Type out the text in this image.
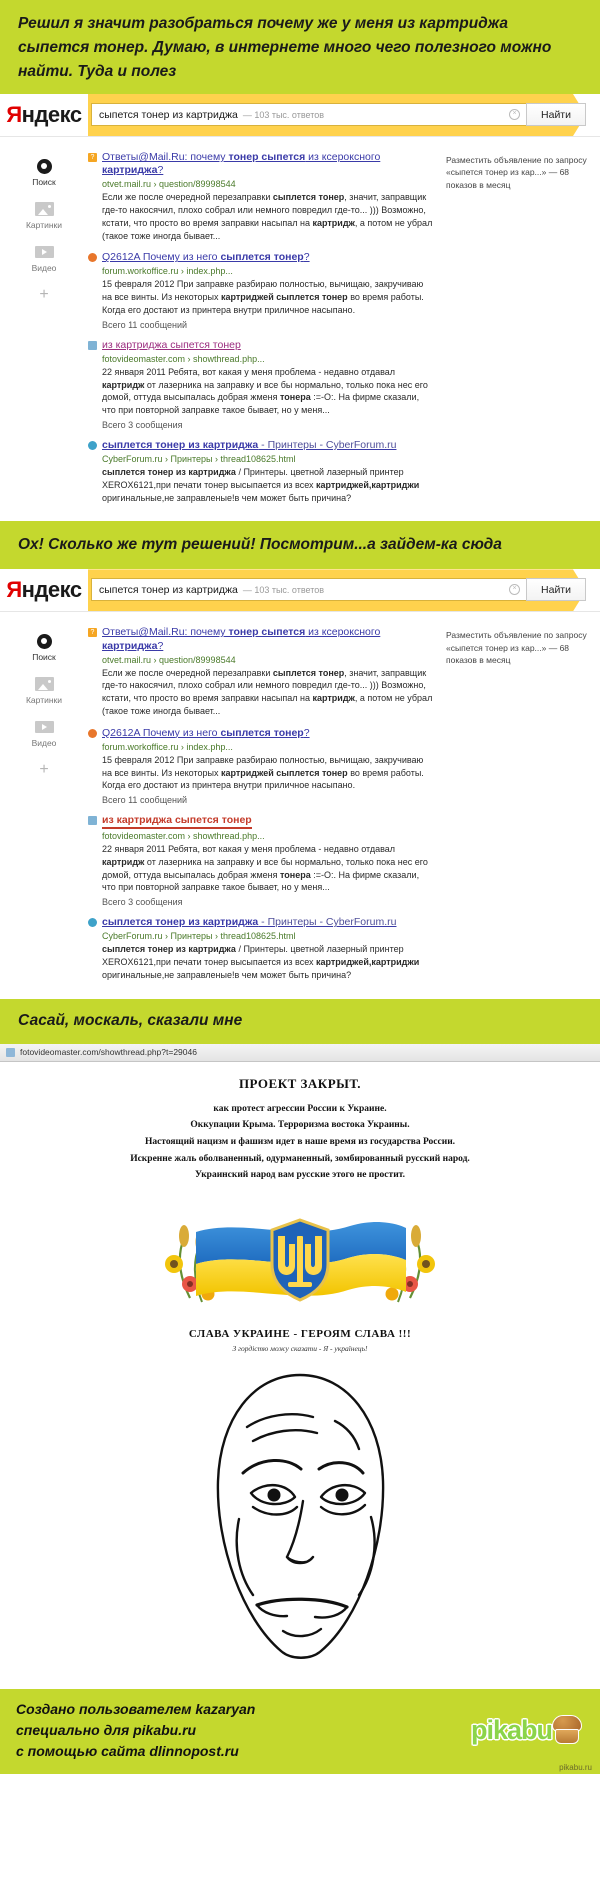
Решил я значит разобраться почему же у меня из картриджа сыпется тонер. Думаю, в интернете много чего полезного можно найти. Туда и полез
Яндекс	сыпется тонер из картриджа — 103 тыс. ответов	×	Найти
Поиск
Картинки
Видео
+
? Ответы@Mail.Ru: почему тонер сыпется из ксероксного картриджа?
otvet.mail.ru › question/89998544
Если же после очередной перезаправки сыплется тонер, значит, заправщик где-то накосячил, плохо собрал или немного повредил где-то... ))) Возможно, кстати, что просто во время заправки насыпал на картридж, а потом не убрал (такое тоже иногда бывает...
Q2612A Почему из него сыплется тонер?
forum.workoffice.ru › index.php...
15 февраля 2012 При заправке разбираю полностью, вычищаю, закручиваю на все винты. Из некоторых картриджей сыплется тонер во время работы. Когда его достают из принтера внутри приличное насыпано.
Всего 11 сообщений
из картриджа сыпется тонер
fotovideomaster.com › showthread.php...
22 января 2011 Ребята, вот какая у меня проблема - недавно отдавал картридж от лазерника на заправку и все бы нормально, только пока нес его домой, оттуда высыпалась добрая жменя тонера :=-O:. На фирме сказали, что при повторной заправке такое бывает, но у меня...
Всего 3 сообщения
сыплется тонер из картриджа - Принтеры - CyberForum.ru
CyberForum.ru › Принтеры › thread108625.html
сыплется тонер из картриджа / Принтеры. цветной лазерный принтер XEROX6121,при печати тонер высыпается из всех картриджей,картриджи оригинальные,не заправленые!в чем может быть причина?
Разместить объявление по запросу «сыпется тонер из кар...» — 68 показов в месяц
Ох! Сколько же тут решений! Посмотрим...а зайдем-ка сюда
Яндекс	сыпется тонер из картриджа — 103 тыс. ответов	×	Найти
Поиск
Картинки
Видео
+
? Ответы@Mail.Ru: почему тонер сыпется из ксероксного картриджа?
otvet.mail.ru › question/89998544
Если же после очередной перезаправки сыплется тонер, значит, заправщик где-то накосячил, плохо собрал или немного повредил где-то... ))) Возможно, кстати, что просто во время заправки насыпал на картридж, а потом не убрал (такое тоже иногда бывает...
Q2612A Почему из него сыплется тонер?
forum.workoffice.ru › index.php...
15 февраля 2012 При заправке разбираю полностью, вычищаю, закручиваю на все винты. Из некоторых картриджей сыплется тонер во время работы. Когда его достают из принтера внутри приличное насыпано.
Всего 11 сообщений
из картриджа сыпется тонер
fotovideomaster.com › showthread.php...
22 января 2011 Ребята, вот какая у меня проблема - недавно отдавал картридж от лазерника на заправку и все бы нормально, только пока нес его домой, оттуда высыпалась добрая жменя тонера :=-O:. На фирме сказали, что при повторной заправке такое бывает, но у меня...
Всего 3 сообщения
сыплется тонер из картриджа - Принтеры - CyberForum.ru
CyberForum.ru › Принтеры › thread108625.html
сыплется тонер из картриджа / Принтеры. цветной лазерный принтер XEROX6121,при печати тонер высыпается из всех картриджей,картриджи оригинальные,не заправленые!в чем может быть причина?
Разместить объявление по запросу «сыпется тонер из кар...» — 68 показов в месяц
Сасай, москаль, сказали мне
fotovideomaster.com/showthread.php?t=29046
ПРОЕКТ ЗАКРЫТ.
как протест агрессии России к Украине.
Оккупации Крыма. Терроризма востока Украины.
Настоящий нацизм и фашизм идет в наше время из государства России.
Искренне жаль оболваненный, одурманенный, зомбированный русский народ.
Украинский народ вам русские этого не простит.
СЛАВА УКРАИНЕ - ГЕРОЯМ СЛАВА !!!
З гордістю можу сказати - Я - українець!
Создано пользователем kazaryan
специально для pikabu.ru
с помощью сайта dlinnopost.ru
pikabu
pikabu.ru
